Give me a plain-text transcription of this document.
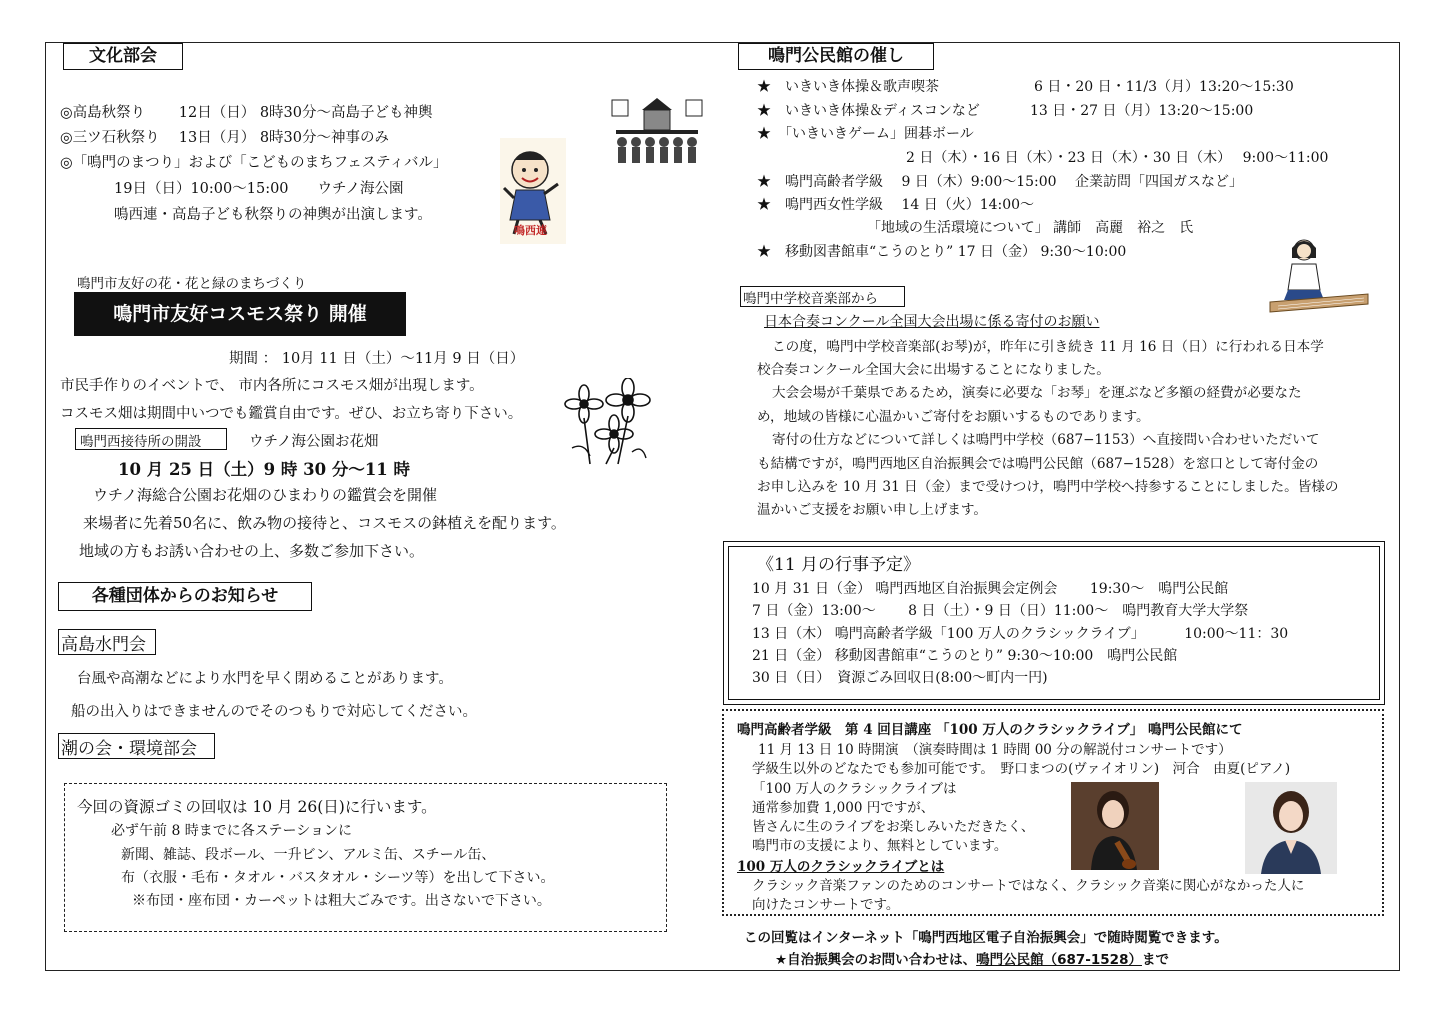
文化部会
◎高島秋祭り　　 12日（日） 8時30分〜高島子ども神輿
◎三ツ石秋祭り　 13日（月） 8時30分〜神事のみ
◎「鳴門のまつり」および「こどものまちフェスティバル」
19日（日）10:00〜15:00　　ウチノ海公園
鳴西連・高島子ども秋祭りの神輿が出演します。
鳴西連
鳴門市友好の花・花と緑のまちづくり
鳴門市友好コスモス祭り 開催
期間 ： 10月 11 日（土）〜11月 9 日（日）
市民手作りのイベントで、 市内各所にコスモス畑が出現します。
コスモス畑は期間中いつでも鑑賞自由です。ぜひ、お立ち寄り下さい。
鳴門西接待所の開設	ウチノ海公園お花畑
10 月 25 日（土）9 時 30 分〜11 時
ウチノ海総合公園お花畑のひまわりの鑑賞会を開催
来場者に先着50名に、飲み物の接待と、コスモスの鉢植えを配ります。
地域の方もお誘い合わせの上、多数ご参加下さい。
各種団体からのお知らせ
高島水門会
台風や高潮などにより水門を早く閉めることがあります。
船の出入りはできませんのでそのつもりで対応してください。
潮の会・環境部会
今回の資源ゴミの回収は 10 月 26(日)に行います。
必ず午前 8 時までに各ステーションに
新聞、雑誌、段ボール、一升ビン、アルミ缶、スチール缶、
布（衣服・毛布・タオル・バスタオル・シーツ等）を出して下さい。
※布団・座布団・カーペットは粗大ごみです。出さないで下さい。
鳴門公民館の催し
★　いきいき体操＆歌声喫茶	6 日・20 日・11/3（月）13:20〜15:30
★　いきいき体操＆ディスコンなど	13 日・27 日（月）13:20〜15:00
★　「いきいきゲーム」囲碁ボール
2 日（木）・16 日（木）・23 日（木）・30 日（木）　 9:00〜11:00
★　鳴門高齢者学級　 9 日（木）9:00〜15:00　 企業訪問「四国ガスなど」
★　鳴門西女性学級　 14 日（火）14:00〜
「地域の生活環境について」 講師　高麗　裕之　氏
★　移動図書館車“こうのとり” 17 日（金） 9:30〜10:00
鳴門中学校音楽部から
日本合奏コンクール全国大会出場に係る寄付のお願い
この度，鳴門中学校音楽部(お琴)が，昨年に引き続き 11 月 16 日（日）に行われる日本学
校合奏コンクール全国大会に出場することになりました。
大会会場が千葉県であるため，演奏に必要な「お琴」を運ぶなど多額の経費が必要なた
め，地域の皆様に心温かいご寄付をお願いするものであります。
寄付の仕方などについて詳しくは鳴門中学校（687−1153）へ直接問い合わせいただいて
も結構ですが，鳴門西地区自治振興会では鳴門公民館（687−1528）を窓口として寄付金の
お申し込みを 10 月 31 日（金）まで受けつけ，鳴門中学校へ持参することにしました。皆様の
温かいご支援をお願い申し上げます。
《11 月の行事予定》
10 月 31 日（金） 鳴門西地区自治振興会定例会　　 19:30〜　鳴門公民館
7 日（金）13:00〜　　 8 日（土）・9 日（日）11:00〜　鳴門教育大学大学祭
13 日（木） 鳴門高齢者学級「100 万人のクラシックライブ」　　　 10:00〜11：30
21 日（金） 移動図書館車“こうのとり” 9:30〜10:00　鳴門公民館
30 日（日）　資源ごみ回収日(8:00〜町内一円)
鳴門高齢者学級　第 4 回目講座 「100 万人のクラシックライブ」 鳴門公民館にて
11 月 13 日 10 時開演　（演奏時間は 1 時間 00 分の解説付コンサートです）
学級生以外のどなたでも参加可能です。　野口まつの(ヴァイオリン)　河合　由夏(ピアノ)
「100 万人のクラシックライブは
通常参加費 1,000 円ですが、
皆さんに生のライブをお楽しみいただきたく、
鳴門市の支援により、無料としています。
100 万人のクラシックライブとは
クラシック音楽ファンのためのコンサートではなく、クラシック音楽に関心がなかった人に
向けたコンサートです。
この回覧はインターネット「鳴門西地区電子自治振興会」で随時閲覧できます。
★自治振興会のお問い合わせは、鳴門公民館（687-1528）まで
